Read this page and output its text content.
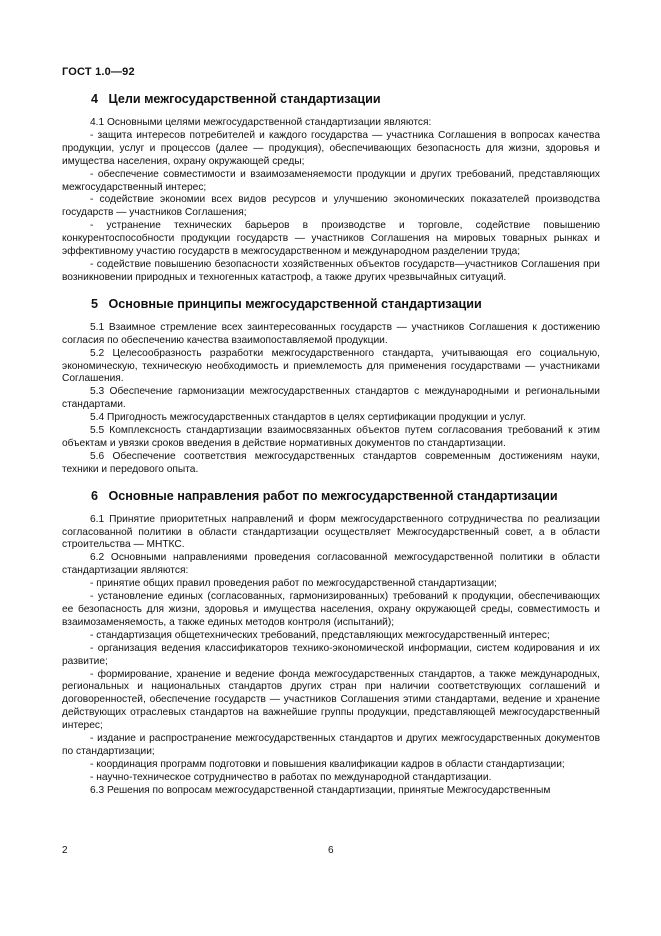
ГОСТ 1.0—92
4 Цели межгосударственной стандартизации

4.1 Основными целями межгосударственной стандартизации являются:

- защита интересов потребителей и каждого государства — участника Соглашения в вопросах качества продукции, услуг и процессов (далее — продукция), обеспечивающих безопасность для жизни, здоровья и имущества населения, охрану окружающей среды;

- обеспечение совместимости и взаимозаменяемости продукции и других требований, представляющих межгосударственный интерес;

- содействие экономии всех видов ресурсов и улучшению экономических показателей производства государств — участников Соглашения;

- устранение технических барьеров в производстве и торговле, содействие повышению конкурентоспособности продукции государств — участников Соглашения на мировых товарных рынках и эффективному участию государств в межгосударственном и международном разделении труда;

- содействие повышению безопасности хозяйственных объектов государств—участников Соглашения при возникновении природных и техногенных катастроф, а также других чрезвычайных ситуаций.

5 Основные принципы межгосударственной стандартизации

5.1 Взаимное стремление всех заинтересованных государств — участников Соглашения к достижению согласия по обеспечению качества взаимопоставляемой продукции.

5.2 Целесообразность разработки межгосударственного стандарта, учитывающая его социальную, экономическую, техническую необходимость и приемлемость для применения государствами — участниками Соглашения.

5.3 Обеспечение гармонизации межгосударственных стандартов с международными и региональными стандартами.

5.4 Пригодность межгосударственных стандартов в целях сертификации продукции и услуг.

5.5 Комплексность стандартизации взаимосвязанных объектов путем согласования требований к этим объектам и увязки сроков введения в действие нормативных документов по стандартизации.

5.6 Обеспечение соответствия межгосударственных стандартов современным достижениям науки, техники и передового опыта.

6 Основные направления работ по межгосударственной стандартизации

6.1 Принятие приоритетных направлений и форм межгосударственного сотрудничества по реализации согласованной политики в области стандартизации осуществляет Межгосударственный совет, а в области строительства — МНТКС.

6.2 Основными направлениями проведения согласованной межгосударственной политики в области стандартизации являются:

- принятие общих правил проведения работ по межгосударственной стандартизации;

- установление единых (согласованных, гармонизированных) требований к продукции, обеспечивающих ее безопасность для жизни, здоровья и имущества населения, охрану окружающей среды, совместимость и взаимозаменяемость, а также единых методов контроля (испытаний);

- стандартизация общетехнических требований, представляющих межгосударственный интерес;

- организация ведения классификаторов технико-экономической информации, систем кодирования и их развитие;

- формирование, хранение и ведение фонда межгосударственных стандартов, а также международных, региональных и национальных стандартов других стран при наличии соответствующих соглашений и договоренностей, обеспечение государств — участников Соглашения этими стандартами, ведение и хранение действующих отраслевых стандартов на важнейшие группы продукции, представляющей межгосударственный интерес;

- издание и распространение межгосударственных стандартов и других межгосударственных документов по стандартизации;

- координация программ подготовки и повышения квалификации кадров в области стандартизации;

- научно-техническое сотрудничество в работах по международной стандартизации.

6.3 Решения по вопросам межгосударственной стандартизации, принятые Межгосударственным

2	6
